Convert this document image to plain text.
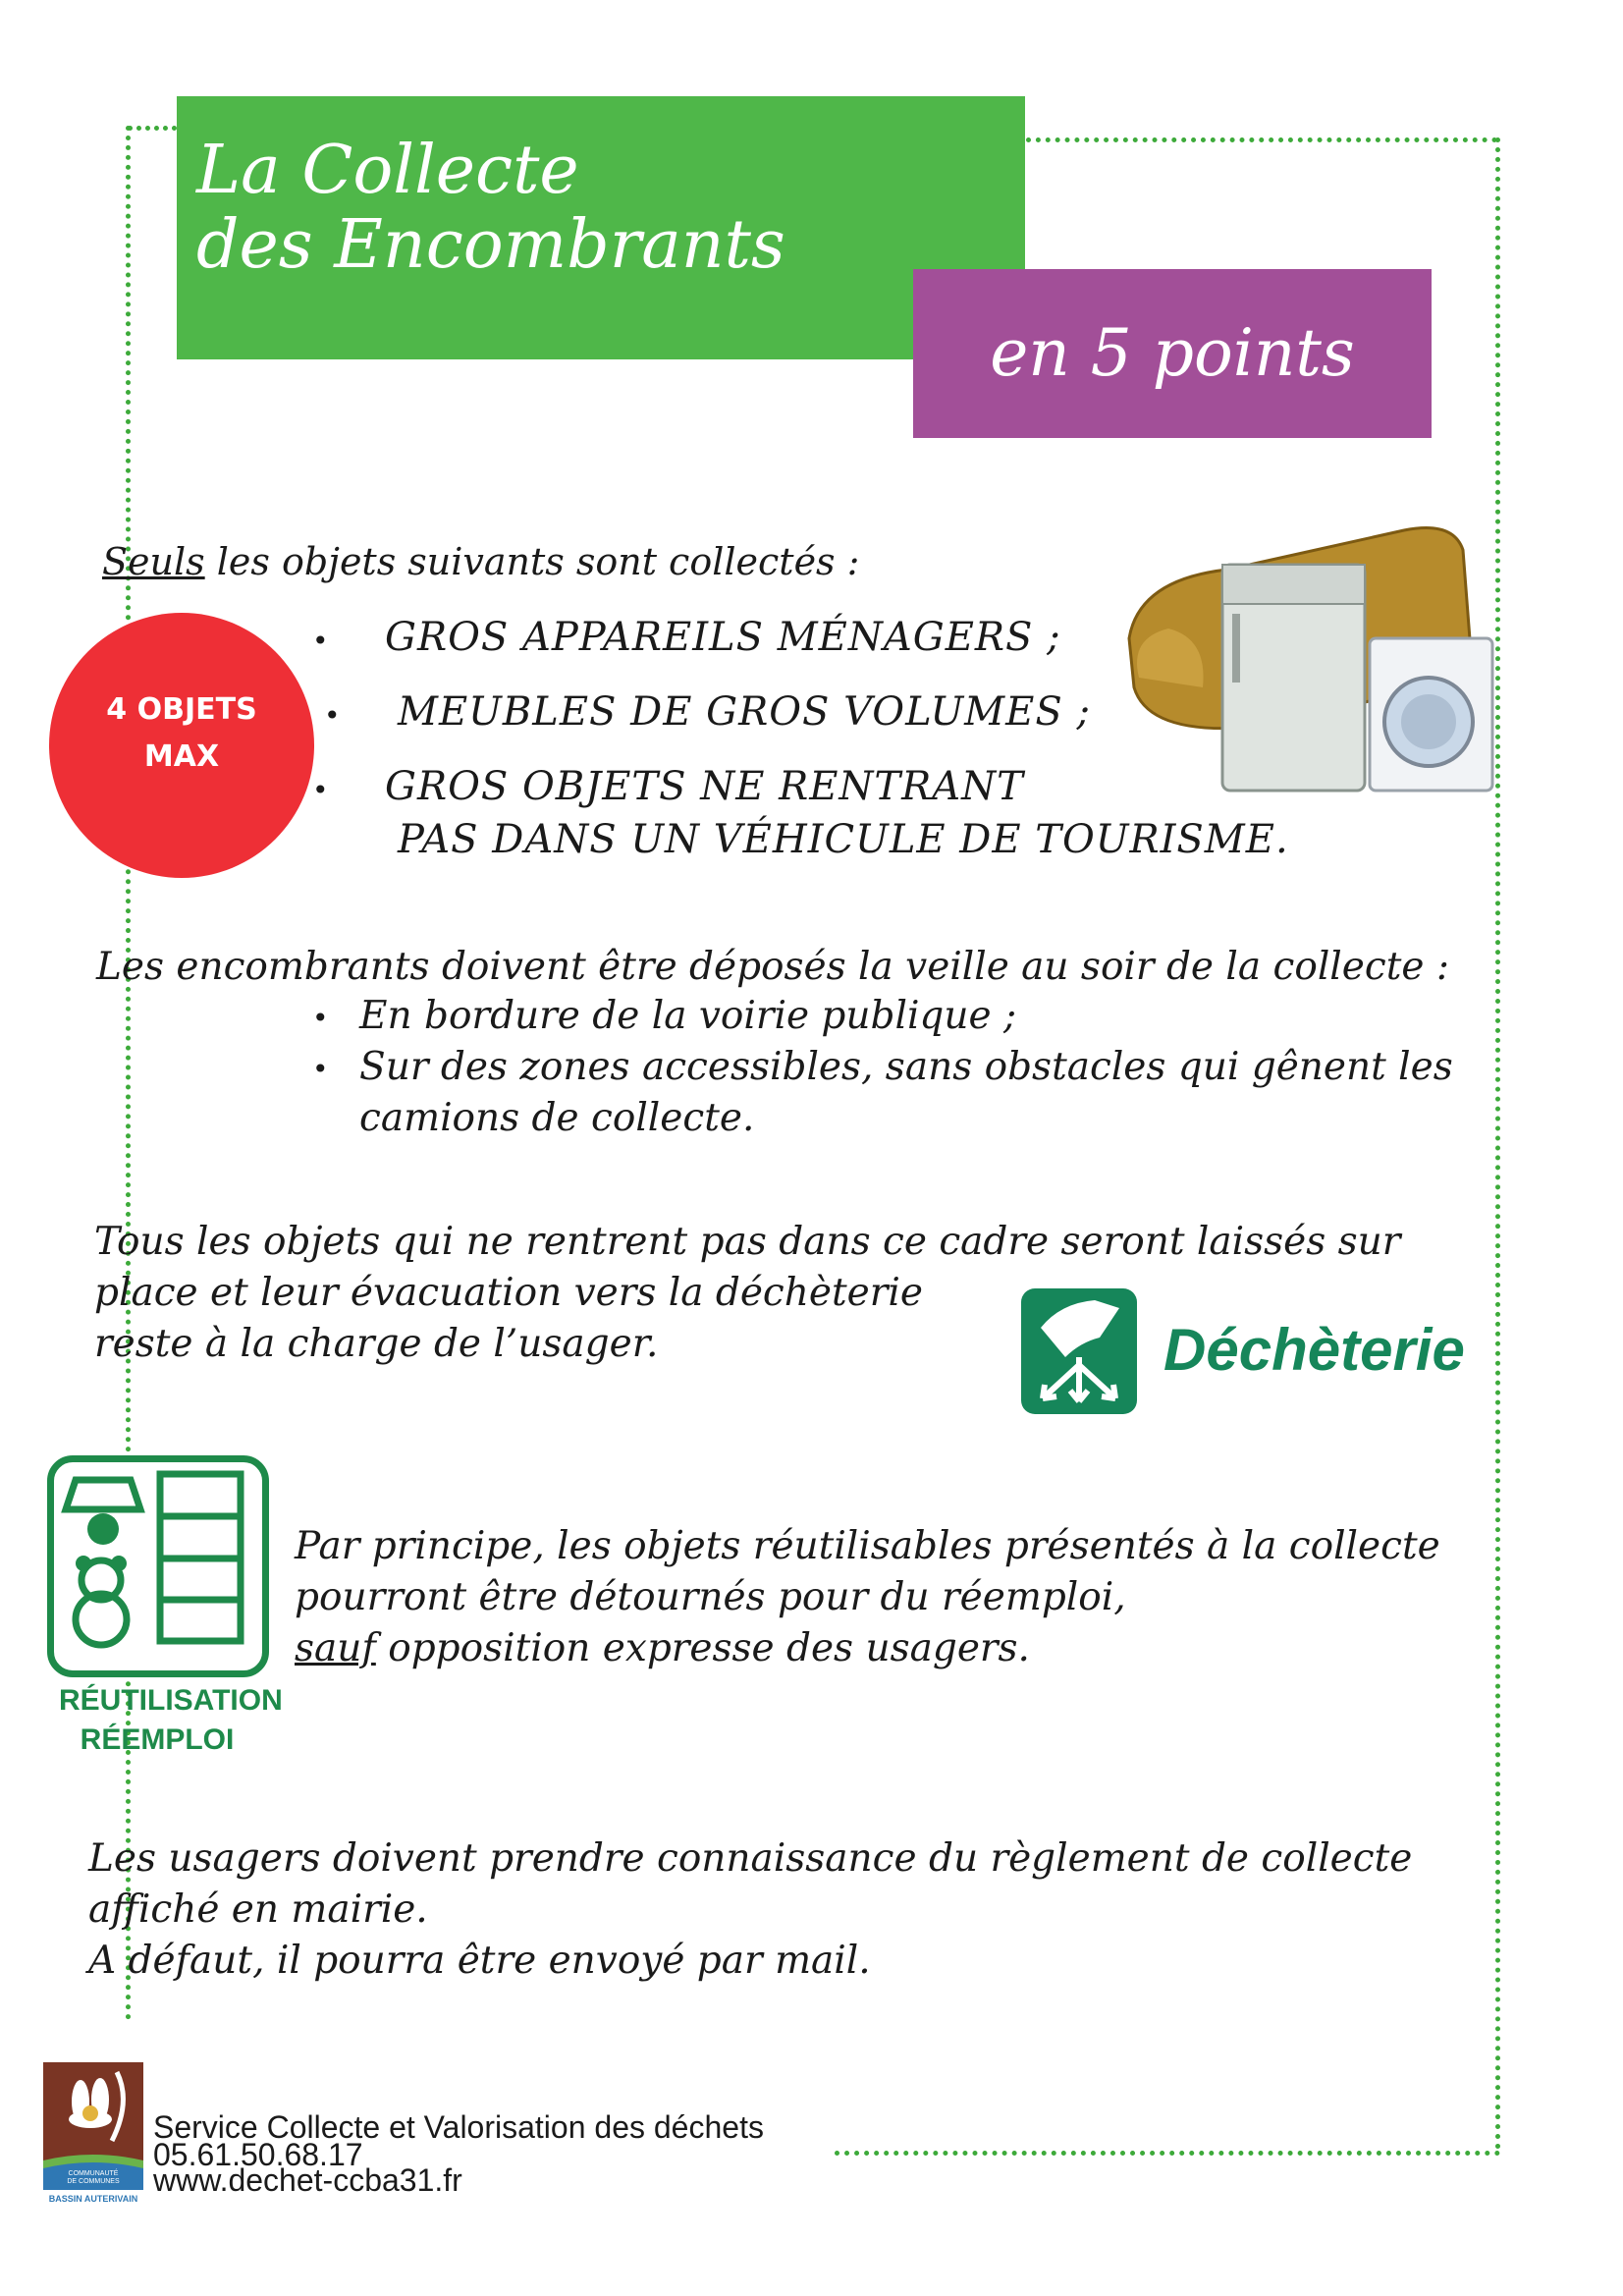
La Collecte
des Encombrants
en 5 points
Seuls les objets suivants sont collectés :
4 OBJETS
MAX
• GROS APPAREILS MÉNAGERS ;
• MEUBLES DE GROS VOLUMES ;
• GROS OBJETS NE RENTRANT
PAS DANS UN VÉHICULE DE TOURISME.
Les encombrants doivent être déposés la veille au soir de la collecte :
• En bordure de la voirie publique ;
• Sur des zones accessibles, sans obstacles qui gênent les
camions de collecte.
Tous les objets qui ne rentrent pas dans ce cadre seront laissés sur
place et leur évacuation vers la déchèterie
reste à la charge de l’usager.	Déchèterie
RÉUTILISATION
RÉEMPLOI
Par principe, les objets réutilisables présentés à la collecte
pourront être détournés pour du réemploi,
sauf opposition expresse des usagers.
Les usagers doivent prendre connaissance du règlement de collecte
affiché en mairie.
A défaut, il pourra être envoyé par mail.
COMMUNAUTÉ
DE COMMUNES
BASSIN AUTERIVAIN
Service Collecte et Valorisation des déchets
05.61.50.68.17
www.dechet-ccba31.fr
